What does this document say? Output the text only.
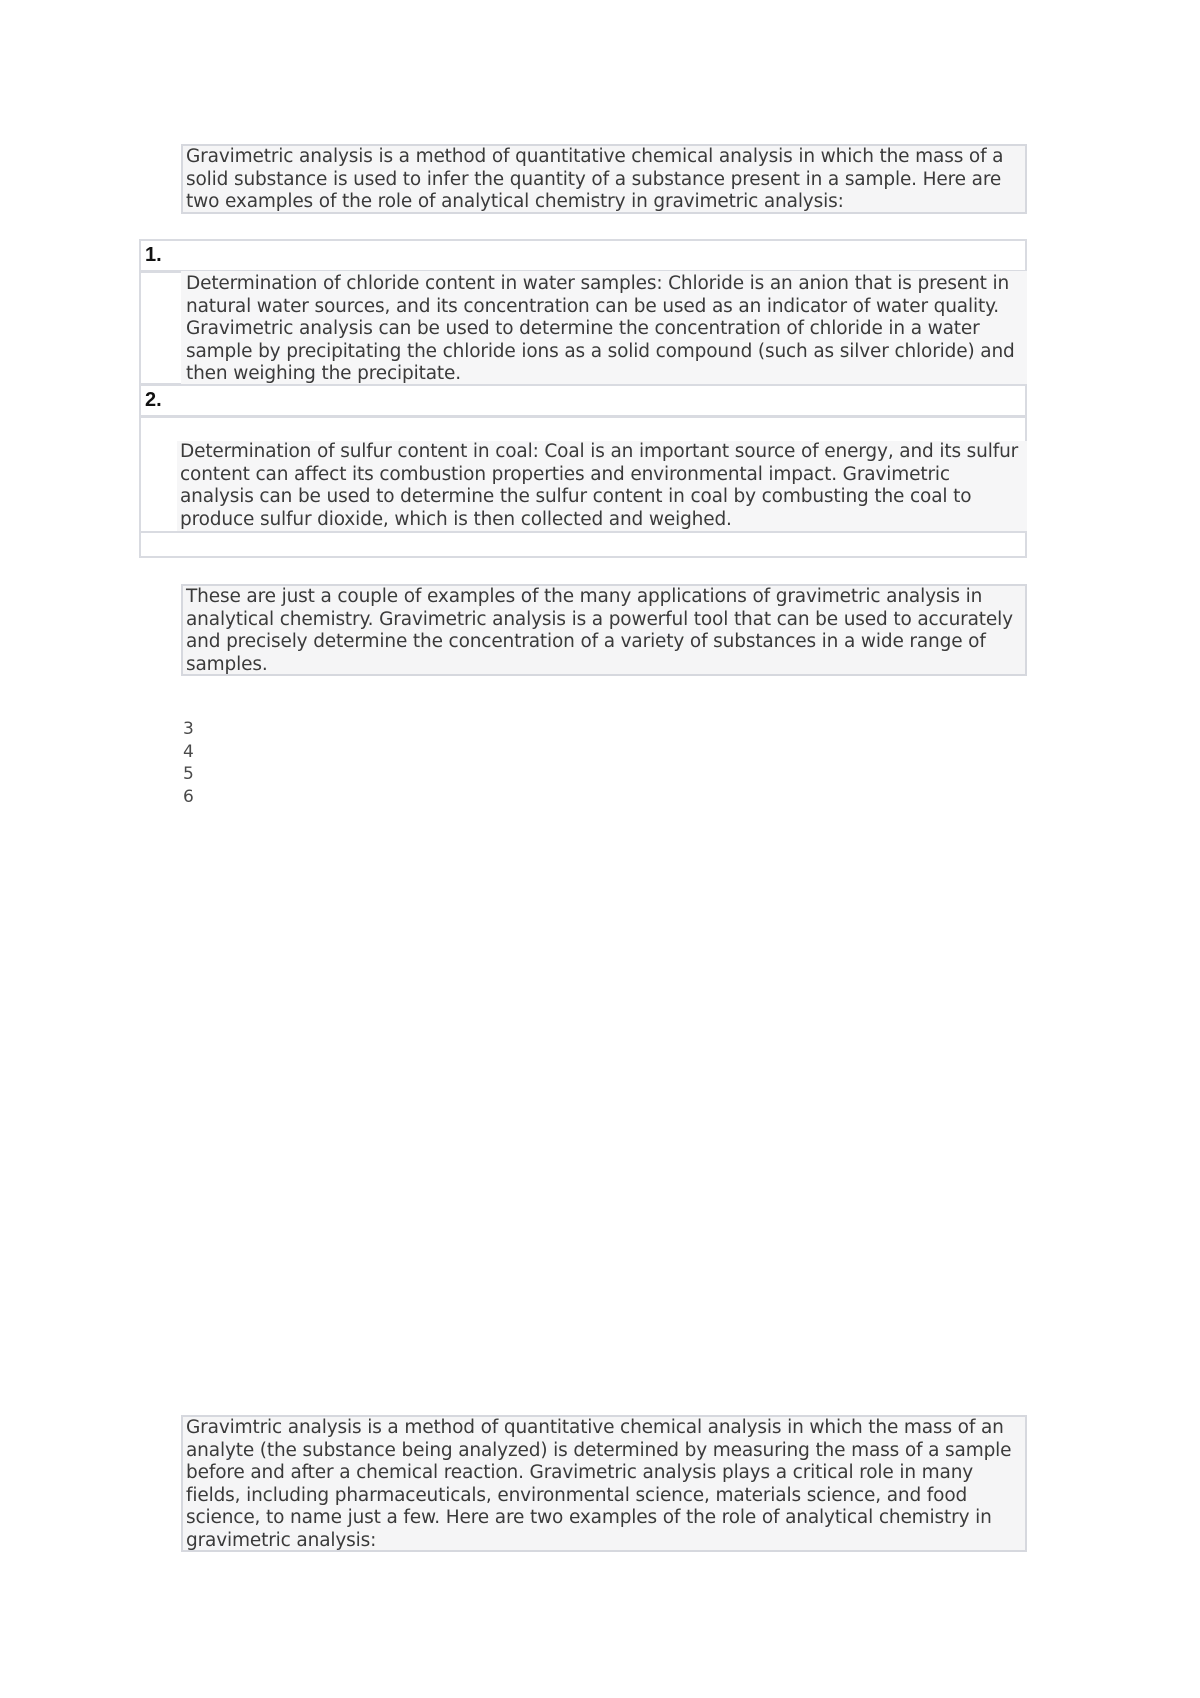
Gravimetric analysis is a method of quantitative chemical analysis in which the mass of a solid substance is used to infer the quantity of a substance present in a sample. Here are two examples of the role of analytical chemistry in gravimetric analysis:
1.
Determination of chloride content in water samples: Chloride is an anion that is present in natural water sources, and its concentration can be used as an indicator of water quality. Gravimetric analysis can be used to determine the concentration of chloride in a water sample by precipitating the chloride ions as a solid compound (such as silver chloride) and then weighing the precipitate.
2.
Determination of sulfur content in coal: Coal is an important source of energy, and its sulfur content can affect its combustion properties and environmental impact. Gravimetric analysis can be used to determine the sulfur content in coal by combusting the coal to produce sulfur dioxide, which is then collected and weighed.
These are just a couple of examples of the many applications of gravimetric analysis in analytical chemistry. Gravimetric analysis is a powerful tool that can be used to accurately and precisely determine the concentration of a variety of substances in a wide range of samples.
3
4
5
6
Gravimtric analysis is a method of quantitative chemical analysis in which the mass of an analyte (the substance being analyzed) is determined by measuring the mass of a sample before and after a chemical reaction. Gravimetric analysis plays a critical role in many fields, including pharmaceuticals, environmental science, materials science, and food science, to name just a few. Here are two examples of the role of analytical chemistry in gravimetric analysis:
